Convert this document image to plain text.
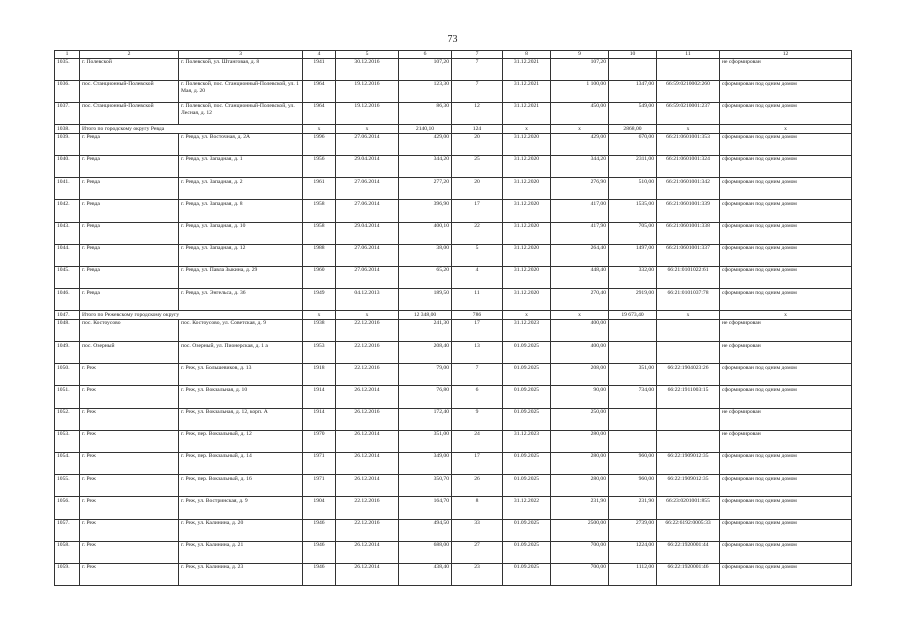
73
1	2	3	4	5	6	7	8	9	10	11	12
1035.	г. Полевской	г. Полевской, ул. Штанговая, д. 8	1941	30.12.2016	107,20	7	31.12.2021	107,20			не сформирован
1036.	пос. Станционный-Полевской	г. Полевской, пос. Станционный-Полевской, ул. 1 Мая, д. 20	1964	19.12.2016	123,30	7	31.12.2021	1 100,00	1347,00	66:59:0210002:260	сформирован под одним домом
1037.	пос. Станционный-Полевской	г. Полевской, пос. Станционный-Полевской, ул. Лесная, д. 12	1964	19.12.2016	86,30	12	31.12.2021	450,00	549,00	66:59:0210001:237	сформирован под одним домом
1038.	Итого по городскому округу Ревда		x	x	2140,10	124	x	x	2868,00	x	x
1039.	г. Ревда	г. Ревда, ул. Восточная, д. 2А	1996	27.06.2014	429,00	20	31.12.2020	429,00	670,00	66:21:0601001:353	сформирован под одним домом
1040.	г. Ревда	г. Ревда, ул. Западная, д. 1	1956	29.04.2014	344,20	25	31.12.2020	344,20	2311,00	66:21:0601001:324	сформирован под одним домом
1041.	г. Ревда	г. Ревда, ул. Западная, д. 2	1961	27.06.2014	277,20	20	31.12.2020	276,90	510,00	66:21:0601001:342	сформирован под одним домом
1042.	г. Ревда	г. Ревда, ул. Западная, д. 8	1958	27.06.2014	396,90	17	31.12.2020	417,00	1535,00	66:21:0601001:339	сформирован под одним домом
1043.	г. Ревда	г. Ревда, ул. Западная, д. 10	1958	29.04.2014	400,10	22	31.12.2020	417,90	705,00	66:21:0601001:338	сформирован под одним домом
1044.	г. Ревда	г. Ревда, ул. Западная, д. 12	1988	27.06.2014	38,00	5	31.12.2020	264,40	1497,00	66:21:0601001:337	сформирован под одним домом
1045.	г. Ревда	г. Ревда, ул. Павла Зыкина, д. 29	1960	27.06.2014	65,20	4	31.12.2020	448,40	332,00	66:21:0101022:61	сформирован под одним домом
1046.	г. Ревда	г. Ревда, ул. Энгельса, д. 36	1949	04.12.2013	189,50	11	31.12.2020	270,40	2919,00	66:21:0101037:78	сформирован под одним домом
1047.	Итого по Режевскому городскому округу		x	x	12 348,00	786	x	x	19 673,40	x	x
1048.	пос. Костоусово	пос. Костоусово, ул. Советская, д. 9	1938	22.12.2016	241,30	17	31.12.2023	400,00			не сформирован
1049.	пос. Озерный	пос. Озерный, ул. Пионерская, д. 1 а	1953	22.12.2016	208,40	13	01.09.2025	400,00			не сформирован
1050.	г. Реж	г. Реж, ул. Большевиков, д. 13	1918	22.12.2016	79,00	7	01.09.2025	208,00	351,00	66:22:1904023:26	сформирован под одним домом
1051.	г. Реж	г. Реж, ул. Вокзальная, д. 10	1914	26.12.2014	76,80	6	01.09.2025	90,00	734,00	66:22:1911003:15	сформирован под одним домом
1052.	г. Реж	г. Реж, ул. Вокзальная, д. 12, корп. А	1914	26.12.2016	172,40	9	01.09.2025	250,00			не сформирован
1053.	г. Реж	г. Реж, пер. Вокзальный, д. 12	1970	26.12.2014	351,00	24	31.12.2023	280,00			не сформирован
1054.	г. Реж	г. Реж, пер. Вокзальный, д. 14	1971	26.12.2014	349,00	17	01.09.2025	280,00	960,00	66:22:1909012:35	сформирован под одним домом
1055.	г. Реж	г. Реж, пер. Вокзальный, д. 16	1971	26.12.2014	350,70	26	01.09.2025	280,00	960,00	66:22:1909012:35	сформирован под одним домом
1056.	г. Реж	г. Реж, ул. Востринская, д. 9	1904	22.12.2016	164,70	8	31.12.2022	231,90	231,90	66:23:0201001:855	сформирован под одним домом
1057.	г. Реж	г. Реж, ул. Калинина, д. 20	1946	22.12.2016	494,50	33	01.09.2025	2500,00	2739,00	66:22:6192:0005:33	сформирован под одним домом
1058.	г. Реж	г. Реж, ул. Калинина, д. 21	1946	26.12.2014	688,00	27	01.09.2025	700,00	1224,00	66:22:1920001:44	сформирован под одним домом
1059.	г. Реж	г. Реж, ул. Калинина, д. 23	1946	26.12.2014	438,40	23	01.09.2025	700,00	1112,00	66:22:1920001:46	сформирован под одним домом
